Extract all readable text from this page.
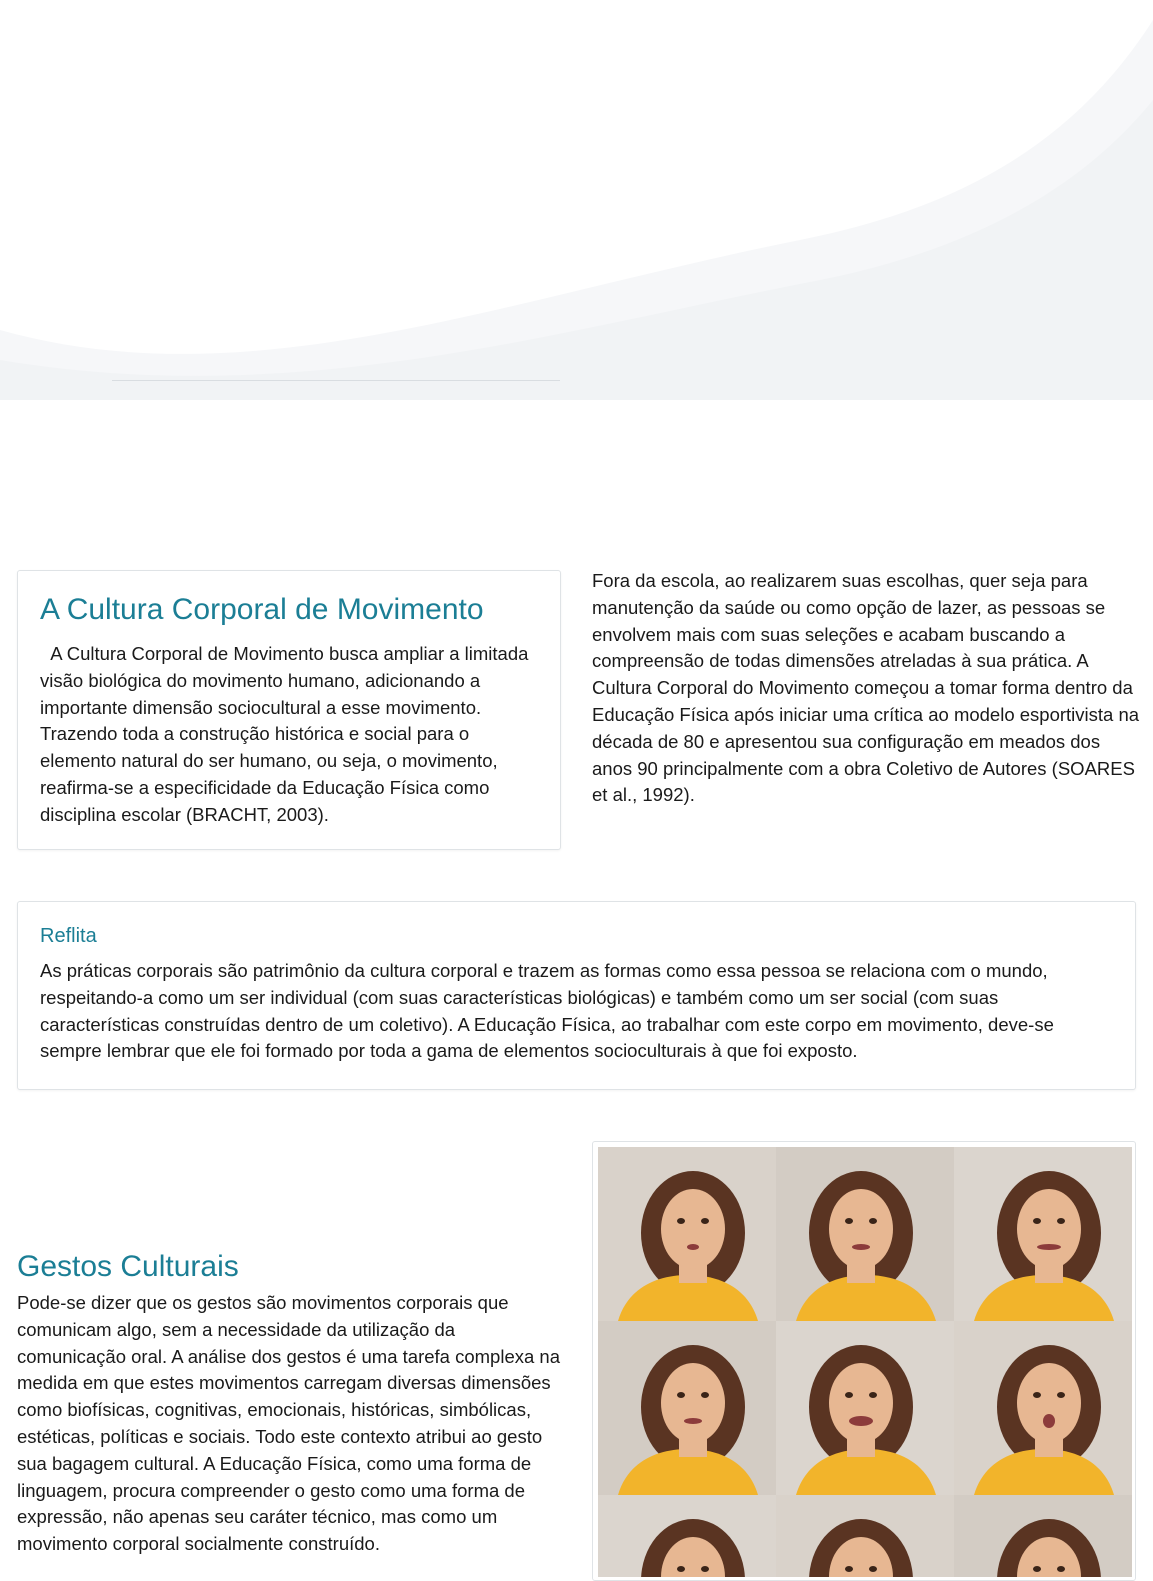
A Cultura Corporal de Movimento

A Cultura Corporal de Movimento busca ampliar a limitada visão biológica do movimento humano, adicionando a importante dimensão sociocultural a esse movimento. Trazendo toda a construção histórica e social para o elemento natural do ser humano, ou seja, o movimento, reafirma-se a especificidade da Educação Física como disciplina escolar (BRACHT, 2003).

Fora da escola, ao realizarem suas escolhas, quer seja para manutenção da saúde ou como opção de lazer, as pessoas se envolvem mais com suas seleções e acabam buscando a compreensão de todas dimensões atreladas à sua prática. A Cultura Corporal do Movimento começou a tomar forma dentro da Educação Física após iniciar uma crítica ao modelo esportivista na década de 80 e apresentou sua configuração em meados dos anos 90 principalmente com a obra Coletivo de Autores (SOARES et al., 1992).

Reflita

As práticas corporais são patrimônio da cultura corporal e trazem as formas como essa pessoa se relaciona com o mundo, respeitando-a como um ser individual (com suas características biológicas) e também como um ser social (com suas características construídas dentro de um coletivo). A Educação Física, ao trabalhar com este corpo em movimento, deve-se sempre lembrar que ele foi formado por toda a gama de elementos socioculturais à que foi exposto.

Gestos Culturais

Pode-se dizer que os gestos são movimentos corporais que comunicam algo, sem a necessidade da utilização da comunicação oral. A análise dos gestos é uma tarefa complexa na medida em que estes movimentos carregam diversas dimensões como biofísicas, cognitivas, emocionais, históricas, simbólicas, estéticas, políticas e sociais. Todo este contexto atribui ao gesto sua bagagem cultural. A Educação Física, como uma forma de linguagem, procura compreender o gesto como uma forma de expressão, não apenas seu caráter técnico, mas como um movimento corporal socialmente construído.
